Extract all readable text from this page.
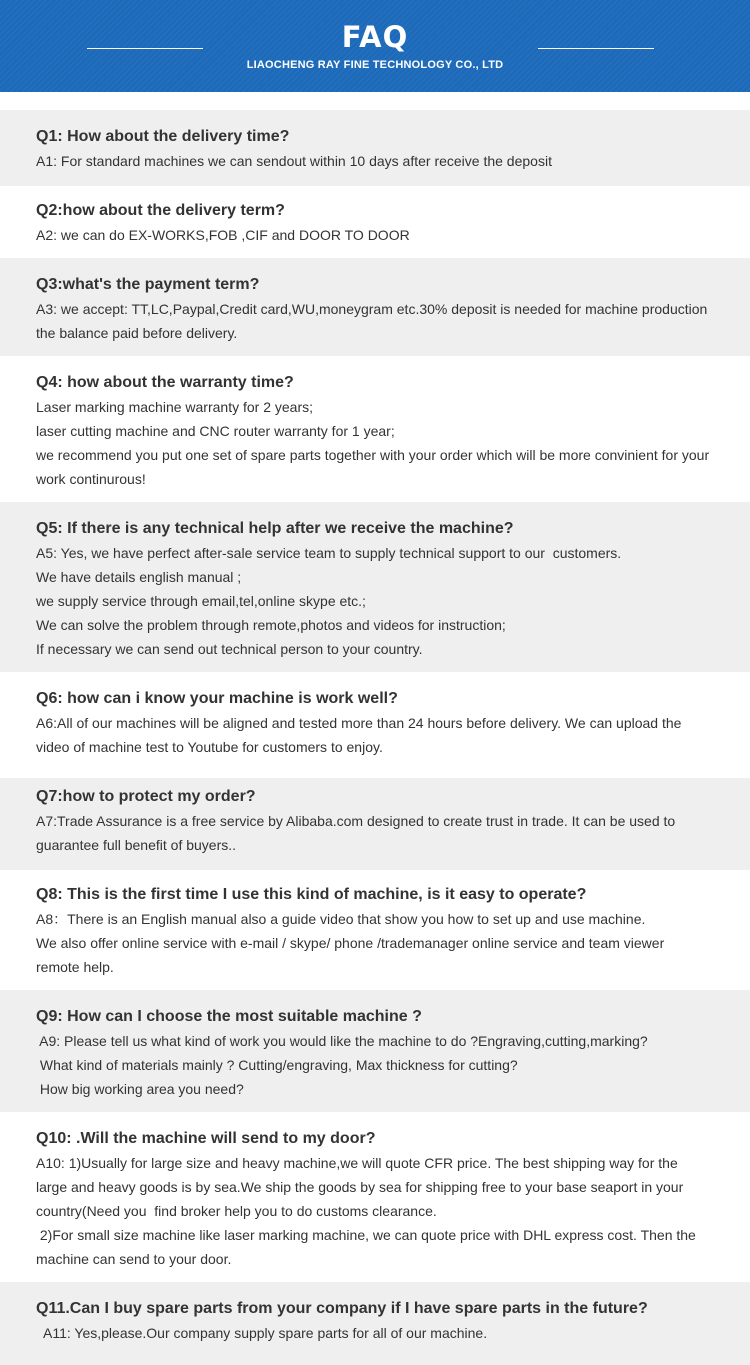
FAQ
LIAOCHENG RAY FINE TECHNOLOGY CO., LTD
Q1: How about the delivery time?
A1: For standard machines we can sendout within 10 days after receive the deposit
Q2:how about the delivery term?
A2: we can do EX-WORKS,FOB ,CIF and DOOR TO DOOR
Q3:what's the payment term?
A3: we accept: TT,LC,Paypal,Credit card,WU,moneygram etc.30% deposit is needed for machine production
the balance paid before delivery.
Q4: how about the warranty time?
Laser marking machine warranty for 2 years;
laser cutting machine and CNC router warranty for 1 year;
we recommend you put one set of spare parts together with your order which will be more convinient for your
work continurous!
Q5: If there is any technical help after we receive the machine?
A5: Yes, we have perfect after-sale service team to supply technical support to our  customers.
We have details english manual ;
we supply service through email,tel,online skype etc.;
We can solve the problem through remote,photos and videos for instruction;
If necessary we can send out technical person to your country.
Q6: how can i know your machine is work well?
A6:All of our machines will be aligned and tested more than 24 hours before delivery. We can upload the
video of machine test to Youtube for customers to enjoy.
Q7:how to protect my order?
A7:Trade Assurance is a free service by Alibaba.com designed to create trust in trade. It can be used to
guarantee full benefit of buyers..
Q8: This is the first time I use this kind of machine, is it easy to operate?
A8：There is an English manual also a guide video that show you how to set up and use machine.
We also offer online service with e-mail / skype/ phone /trademanager online service and team viewer
remote help.
Q9: How can I choose the most suitable machine ?
A9: Please tell us what kind of work you would like the machine to do ?Engraving,cutting,marking?
What kind of materials mainly ? Cutting/engraving, Max thickness for cutting?
How big working area you need?
Q10: .Will the machine will send to my door?
A10: 1)Usually for large size and heavy machine,we will quote CFR price. The best shipping way for the
large and heavy goods is by sea.We ship the goods by sea for shipping free to your base seaport in your
country(Need you  find broker help you to do customs clearance.
2)For small size machine like laser marking machine, we can quote price with DHL express cost. Then the
machine can send to your door.
Q11.Can I buy spare parts from your company if I have spare parts in the future?
A11: Yes,please.Our company supply spare parts for all of our machine.
